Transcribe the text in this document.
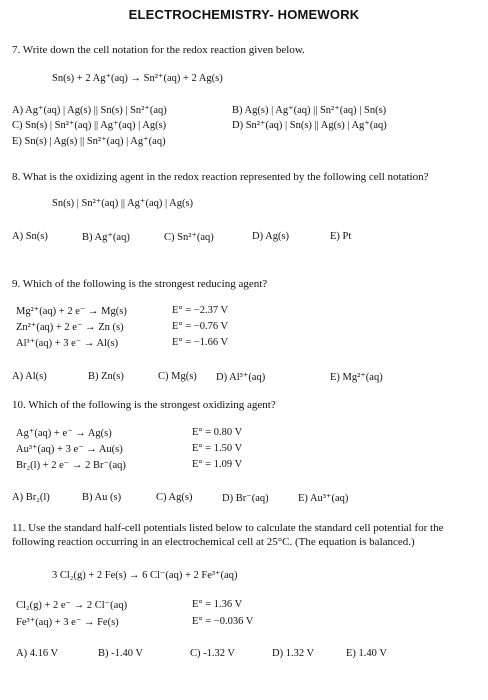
ELECTROCHEMISTRY- HOMEWORK
7. Write down the cell notation for the redox reaction given below.
Sn(s) + 2 Ag⁺(aq) → Sn²⁺(aq) + 2 Ag(s)
A) Ag⁺(aq) | Ag(s) || Sn(s) | Sn²⁺(aq)	B) Ag(s) | Ag⁺(aq) || Sn²⁺(aq) | Sn(s)
C) Sn(s) | Sn²⁺(aq) || Ag⁺(aq) | Ag(s)	D) Sn²⁺(aq) | Sn(s) || Ag(s) | Ag⁺(aq)
E) Sn(s) | Ag(s) || Sn²⁺(aq) | Ag⁺(aq)
8. What is the oxidizing agent in the redox reaction represented by the following cell notation?
Sn(s) | Sn²⁺(aq) || Ag⁺(aq) | Ag(s)
A) Sn(s)	B) Ag⁺(aq)	C) Sn²⁺(aq)	D) Ag(s)	E) Pt
9. Which of the following is the strongest reducing agent?
Mg²⁺(aq) + 2 e⁻ → Mg(s)	E° = −2.37 V
Zn²⁺(aq) + 2 e⁻ → Zn (s)	E° = −0.76 V
Al³⁺(aq) + 3 e⁻ → Al(s)	E° = −1.66 V
A) Al(s)	B) Zn(s)	C) Mg(s) D) Al³⁺(aq)	E) Mg²⁺(aq)
10. Which of the following is the strongest oxidizing agent?
Ag⁺(aq) + e⁻ → Ag(s)	E° = 0.80 V
Au³⁺(aq) + 3 e⁻ → Au(s)	E° = 1.50 V
Br₂(l) + 2 e⁻ → 2 Br⁻(aq)	E° = 1.09 V
A) Br₂(l)	B) Au (s)	C) Ag(s)	D) Br⁻(aq)	E) Au³⁺(aq)
11. Use the standard half-cell potentials listed below to calculate the standard cell potential for the following reaction occurring in an electrochemical cell at 25°C. (The equation is balanced.)
3 Cl₂(g) + 2 Fe(s) → 6 Cl⁻(aq) + 2 Fe³⁺(aq)
Cl₂(g) + 2 e⁻ → 2 Cl⁻(aq)	E° = 1.36 V
Fe³⁺(aq) + 3 e⁻ → Fe(s)	E° = −0.036 V
A) 4.16 V	B) -1.40 V	C) -1.32 V	D) 1.32 V	E) 1.40 V
